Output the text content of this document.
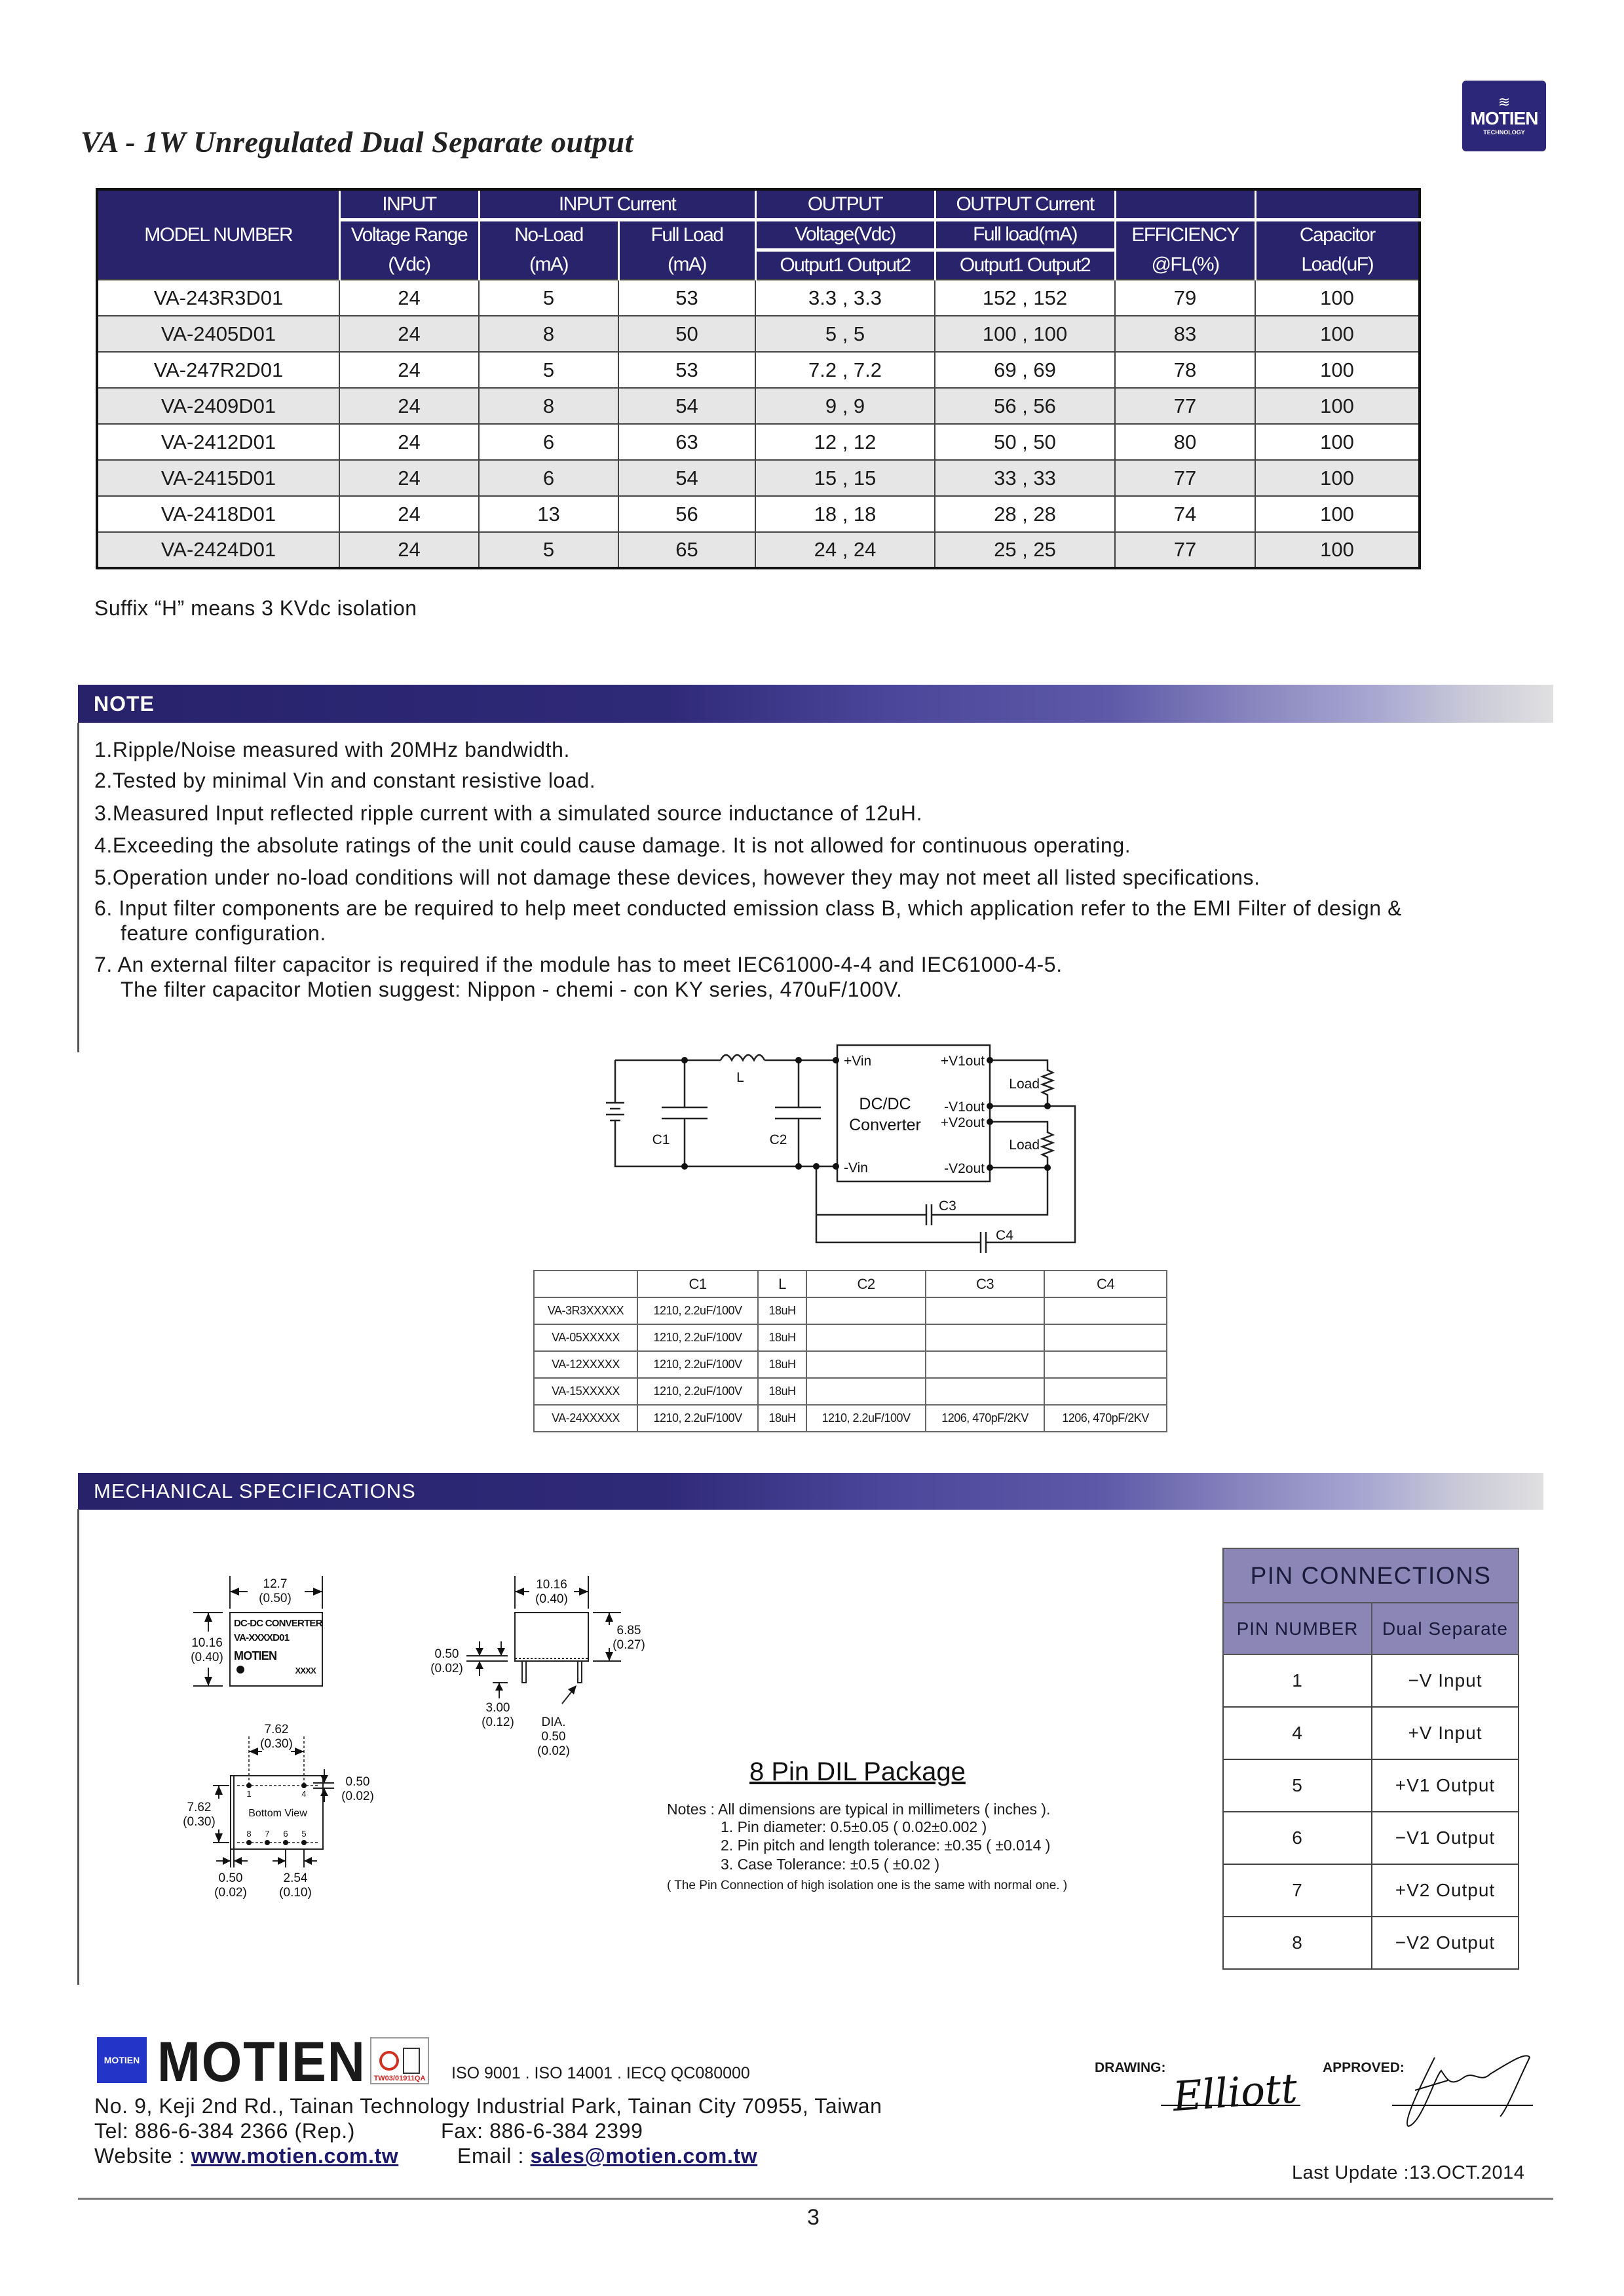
VA - 1W Unregulated Dual Separate output
≋
MOTIEN
TECHNOLOGY
MODEL NUMBER	INPUT	INPUT Current		OUTPUT	OUTPUT Current		
	Voltage Range	No-Load	Full Load	Voltage(Vdc)	Full load(mA)	EFFICIENCY	Capacitor
	(Vdc)	(mA)	(mA)	Output1 Output2	Output1 Output2	@FL(%)	Load(uF)
VA-243R3D01	24	5	53	3.3 , 3.3	152 , 152	79	100
VA-2405D01	24	8	50	5 , 5	100 , 100	83	100
VA-247R2D01	24	5	53	7.2 , 7.2	69 , 69	78	100
VA-2409D01	24	8	54	9 , 9	56 , 56	77	100
VA-2412D01	24	6	63	12 , 12	50 , 50	80	100
VA-2415D01	24	6	54	15 , 15	33 , 33	77	100
VA-2418D01	24	13	56	18 , 18	28 , 28	74	100
VA-2424D01	24	5	65	24 , 24	25 , 25	77	100
Suffix “H” means 3 KVdc isolation
NOTE
1.Ripple/Noise measured with 20MHz bandwidth.
2.Tested by minimal Vin and constant resistive load.
3.Measured Input reflected ripple current with a simulated source inductance of 12uH.
4.Exceeding the absolute ratings of the unit could cause damage. It is not allowed for continuous operating.
5.Operation under no-load conditions will not damage these devices, however they may not meet all listed specifications.
6. Input filter components are be required to help meet conducted emission class B, which application refer to the EMI Filter of design &
feature configuration.
7. An external filter capacitor is required if the module has to meet IEC61000-4-4 and IEC61000-4-5.
The filter capacitor Motien suggest: Nippon - chemi - con KY series, 470uF/100V.
+Vin
-Vin
+V1out
-V1out
+V2out
-V2out
Load
Load
C1	C2
L
C3
C4
DC/DC
Converter
12.7
(0.50)
10.16
(0.40)
DC-DC CONVERTER
VA-XXXXD01
MOTIEN
XXXX
10.16
(0.40)
6.85
(0.27)
0.50
(0.02)
3.00
(0.12) DIA.
0.50
(0.02)
1	4
8 7 6 5
Bottom View
7.62
(0.30)
7.62
(0.30)
0.50
(0.02)
0.50
(0.02)
2.54
(0.10)
Elliott
	C1	L	C2	C3	C4
VA-3R3XXXXX	1210, 2.2uF/100V	18uH			
VA-05XXXXX	1210, 2.2uF/100V	18uH			
VA-12XXXXX	1210, 2.2uF/100V	18uH			
VA-15XXXXX	1210, 2.2uF/100V	18uH			
VA-24XXXXX	1210, 2.2uF/100V	18uH	1210, 2.2uF/100V	1206, 470pF/2KV	1206, 470pF/2KV
MECHANICAL SPECIFICATIONS
8 Pin DIL Package
Notes : All dimensions are typical in millimeters ( inches ).
1. Pin diameter: 0.5±0.05 ( 0.02±0.002 )
2. Pin pitch and length tolerance: ±0.35 ( ±0.014 )
3. Case Tolerance: ±0.5 ( ±0.02 )
( The Pin Connection of high isolation one is the same with normal one. )
PIN CONNECTIONS	
PIN NUMBER	Dual Separate
1	−V Input
4	+V Input
5	+V1 Output
6	−V1 Output
7	+V2 Output
8	−V2 Output
MOTIEN MOTIEN	TW03/01911QA ISO 9001 . ISO 14001 . IECQ QC080000
No. 9, Keji 2nd Rd., Tainan Technology Industrial Park, Tainan City 70955, Taiwan
Tel: 886-6-384 2366 (Rep.)	Fax: 886-6-384 2399
Website : www.motien.com.tw	Email : sales@motien.com.tw
DRAWING:	APPROVED:
Last Update :13.OCT.2014
3
